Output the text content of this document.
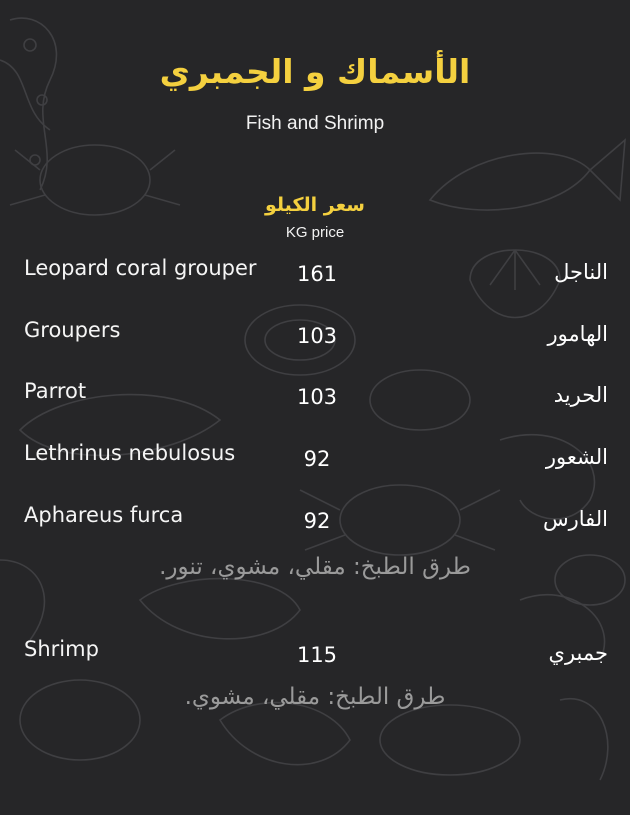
الأسماك و الجمبري
Fish and Shrimp
سعر الكيلو
KG price
Leopard coral grouper	161	الناجل
Groupers	103	الهامور
Parrot	103	الحريد
Lethrinus nebulosus	92	الشعور
Aphareus furca	92	الفارس
طرق الطبخ: مقلي، مشوي، تنور.
Shrimp	115	جمبري
طرق الطبخ: مقلي، مشوي.
